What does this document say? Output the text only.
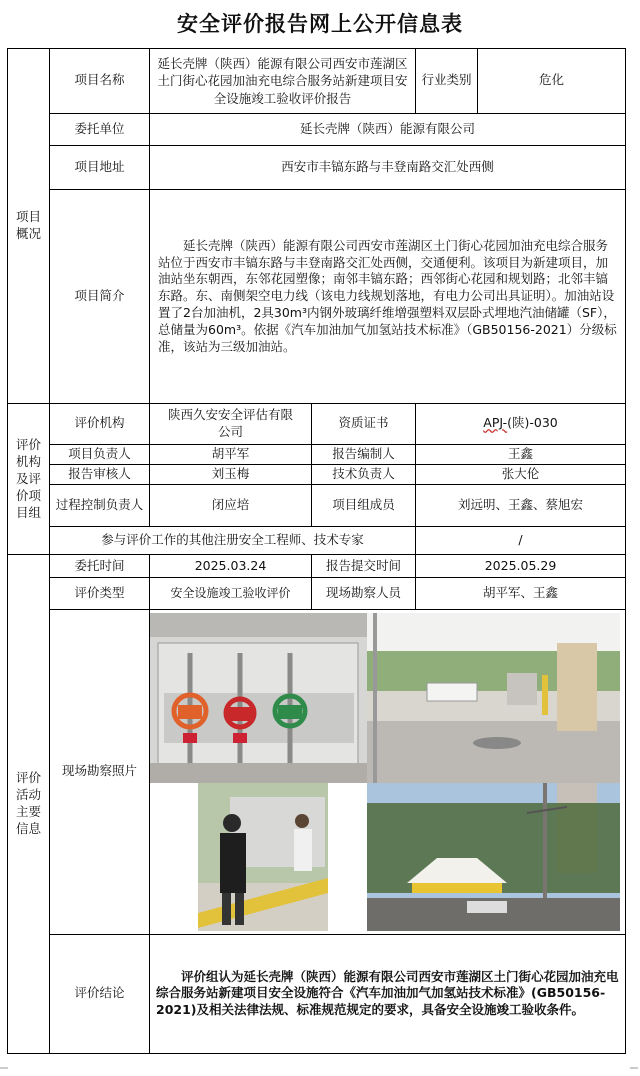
安全评价报告网上公开信息表
项目概况	项目名称	延长壳牌（陕西）能源有限公司西安市莲湖区土门街心花园加油充电综合服务站新建项目安全设施竣工验收评价报告		行业类别	危化
	委托单位	延长壳牌（陕西）能源有限公司			
	项目地址	西安市丰镐东路与丰登南路交汇处西侧			
	项目简介	延长壳牌（陕西）能源有限公司西安市莲湖区土门街心花园加油充电综合服务站位于西安市丰镐东路与丰登南路交汇处西侧，交通便利。该项目为新建项目，加油站坐东朝西，东邻花园塑像；南邻丰镐东路；西邻街心花园和规划路；北邻丰镐东路。东、南侧架空电力线（该电力线规划落地，有电力公司出具证明）。加油站设置了2台加油机，2具30m³内钢外玻璃纤维增强塑料双层卧式埋地汽油储罐（SF），总储量为60m³。依据《汽车加油加气加氢站技术标准》（GB50156-2021）分级标准，该站为三级加油站。			
评价机构及评价项目组	评价机构	陕西久安安全评估有限公司	资质证书	APJ-(陕)-030	
	项目负责人	胡平军	报告编制人	王鑫	
	报告审核人	刘玉梅	技术负责人	张大伦	
	过程控制负责人	闭应培	项目组成员	刘远明、王鑫、蔡旭宏	
	参与评价工作的其他注册安全工程师、技术专家			/	
评价活动主要信息	委托时间	2025.03.24	报告提交时间	2025.05.29	
	评价类型	安全设施竣工验收评价	现场勘察人员	胡平军、王鑫	
	现场勘察照片	

	评价结论	评价组认为延长壳牌（陕西）能源有限公司西安市莲湖区土门街心花园加油充电综合服务站新建项目安全设施符合《汽车加油加气加氢站技术标准》(GB50156-2021)及相关法律法规、标准规范规定的要求，具备安全设施竣工验收条件。			
